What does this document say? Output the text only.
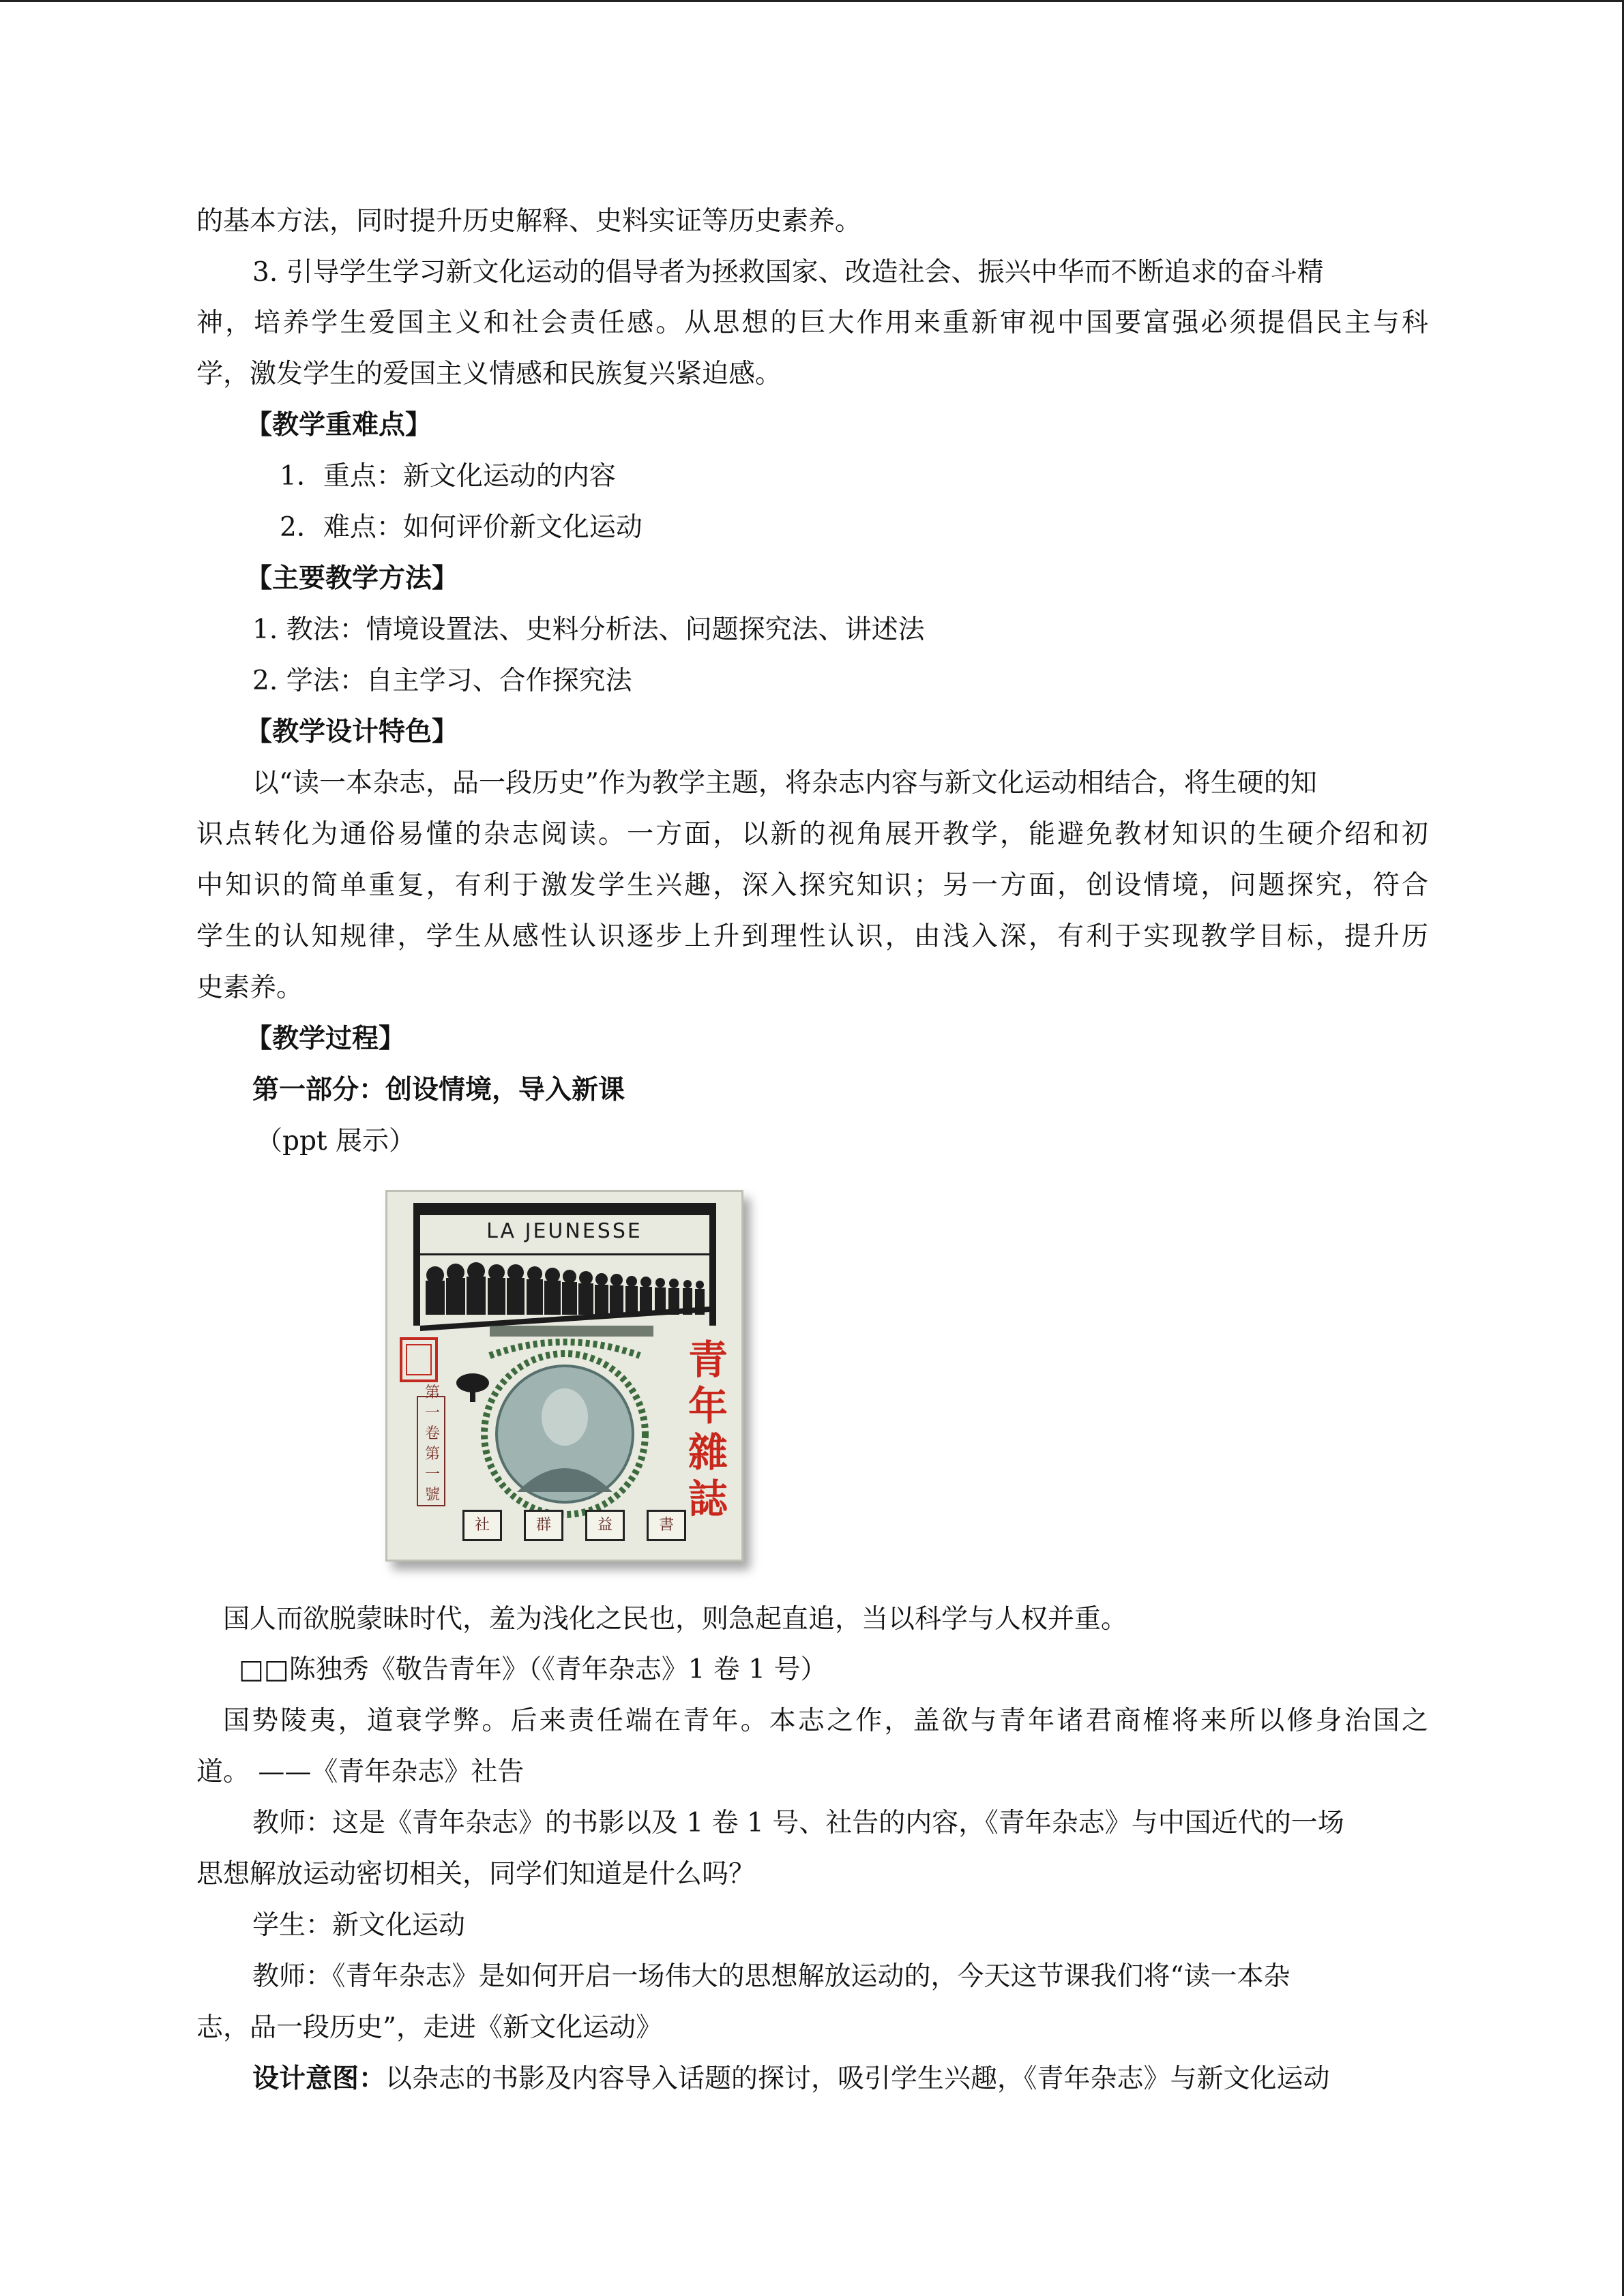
的基本方法，同时提升历史解释、史料实证等历史素养。
3. 引导学生学习新文化运动的倡导者为拯救国家、改造社会、振兴中华而不断追求的奋斗精
神，培养学生爱国主义和社会责任感。从思想的巨大作用来重新审视中国要富强必须提倡民主与科
学，激发学生的爱国主义情感和民族复兴紧迫感。
【教学重难点】
1．重点：新文化运动的内容
2．难点：如何评价新文化运动
【主要教学方法】
1. 教法：情境设置法、史料分析法、问题探究法、讲述法
2. 学法：自主学习、合作探究法
【教学设计特色】
以“读一本杂志，品一段历史”作为教学主题，将杂志内容与新文化运动相结合，将生硬的知
识点转化为通俗易懂的杂志阅读。一方面，以新的视角展开教学，能避免教材知识的生硬介绍和初
中知识的简单重复，有利于激发学生兴趣，深入探究知识；另一方面，创设情境，问题探究，符合
学生的认知规律，学生从感性认识逐步上升到理性认识，由浅入深，有利于实现教学目标，提升历
史素养。
【教学过程】
第一部分：创设情境，导入新课
（ppt 展示）
LA JEUNESSE
青年雜誌
第一卷第一號
社	群	益	書
国人而欲脱蒙昧时代，羞为浅化之民也，则急起直追，当以科学与人权并重。
□□陈独秀《敬告青年》（《青年杂志》1 卷 1 号）
国势陵夷，道衰学弊。后来责任端在青年。本志之作，盖欲与青年诸君商榷将来所以修身治国之
道。 ——《青年杂志》社告
教师：这是《青年杂志》的书影以及 1 卷 1 号、社告的内容，《青年杂志》与中国近代的一场
思想解放运动密切相关，同学们知道是什么吗？
学生：新文化运动
教师：《青年杂志》是如何开启一场伟大的思想解放运动的，今天这节课我们将“读一本杂
志，品一段历史”，走进《新文化运动》
设计意图：以杂志的书影及内容导入话题的探讨，吸引学生兴趣，《青年杂志》与新文化运动
